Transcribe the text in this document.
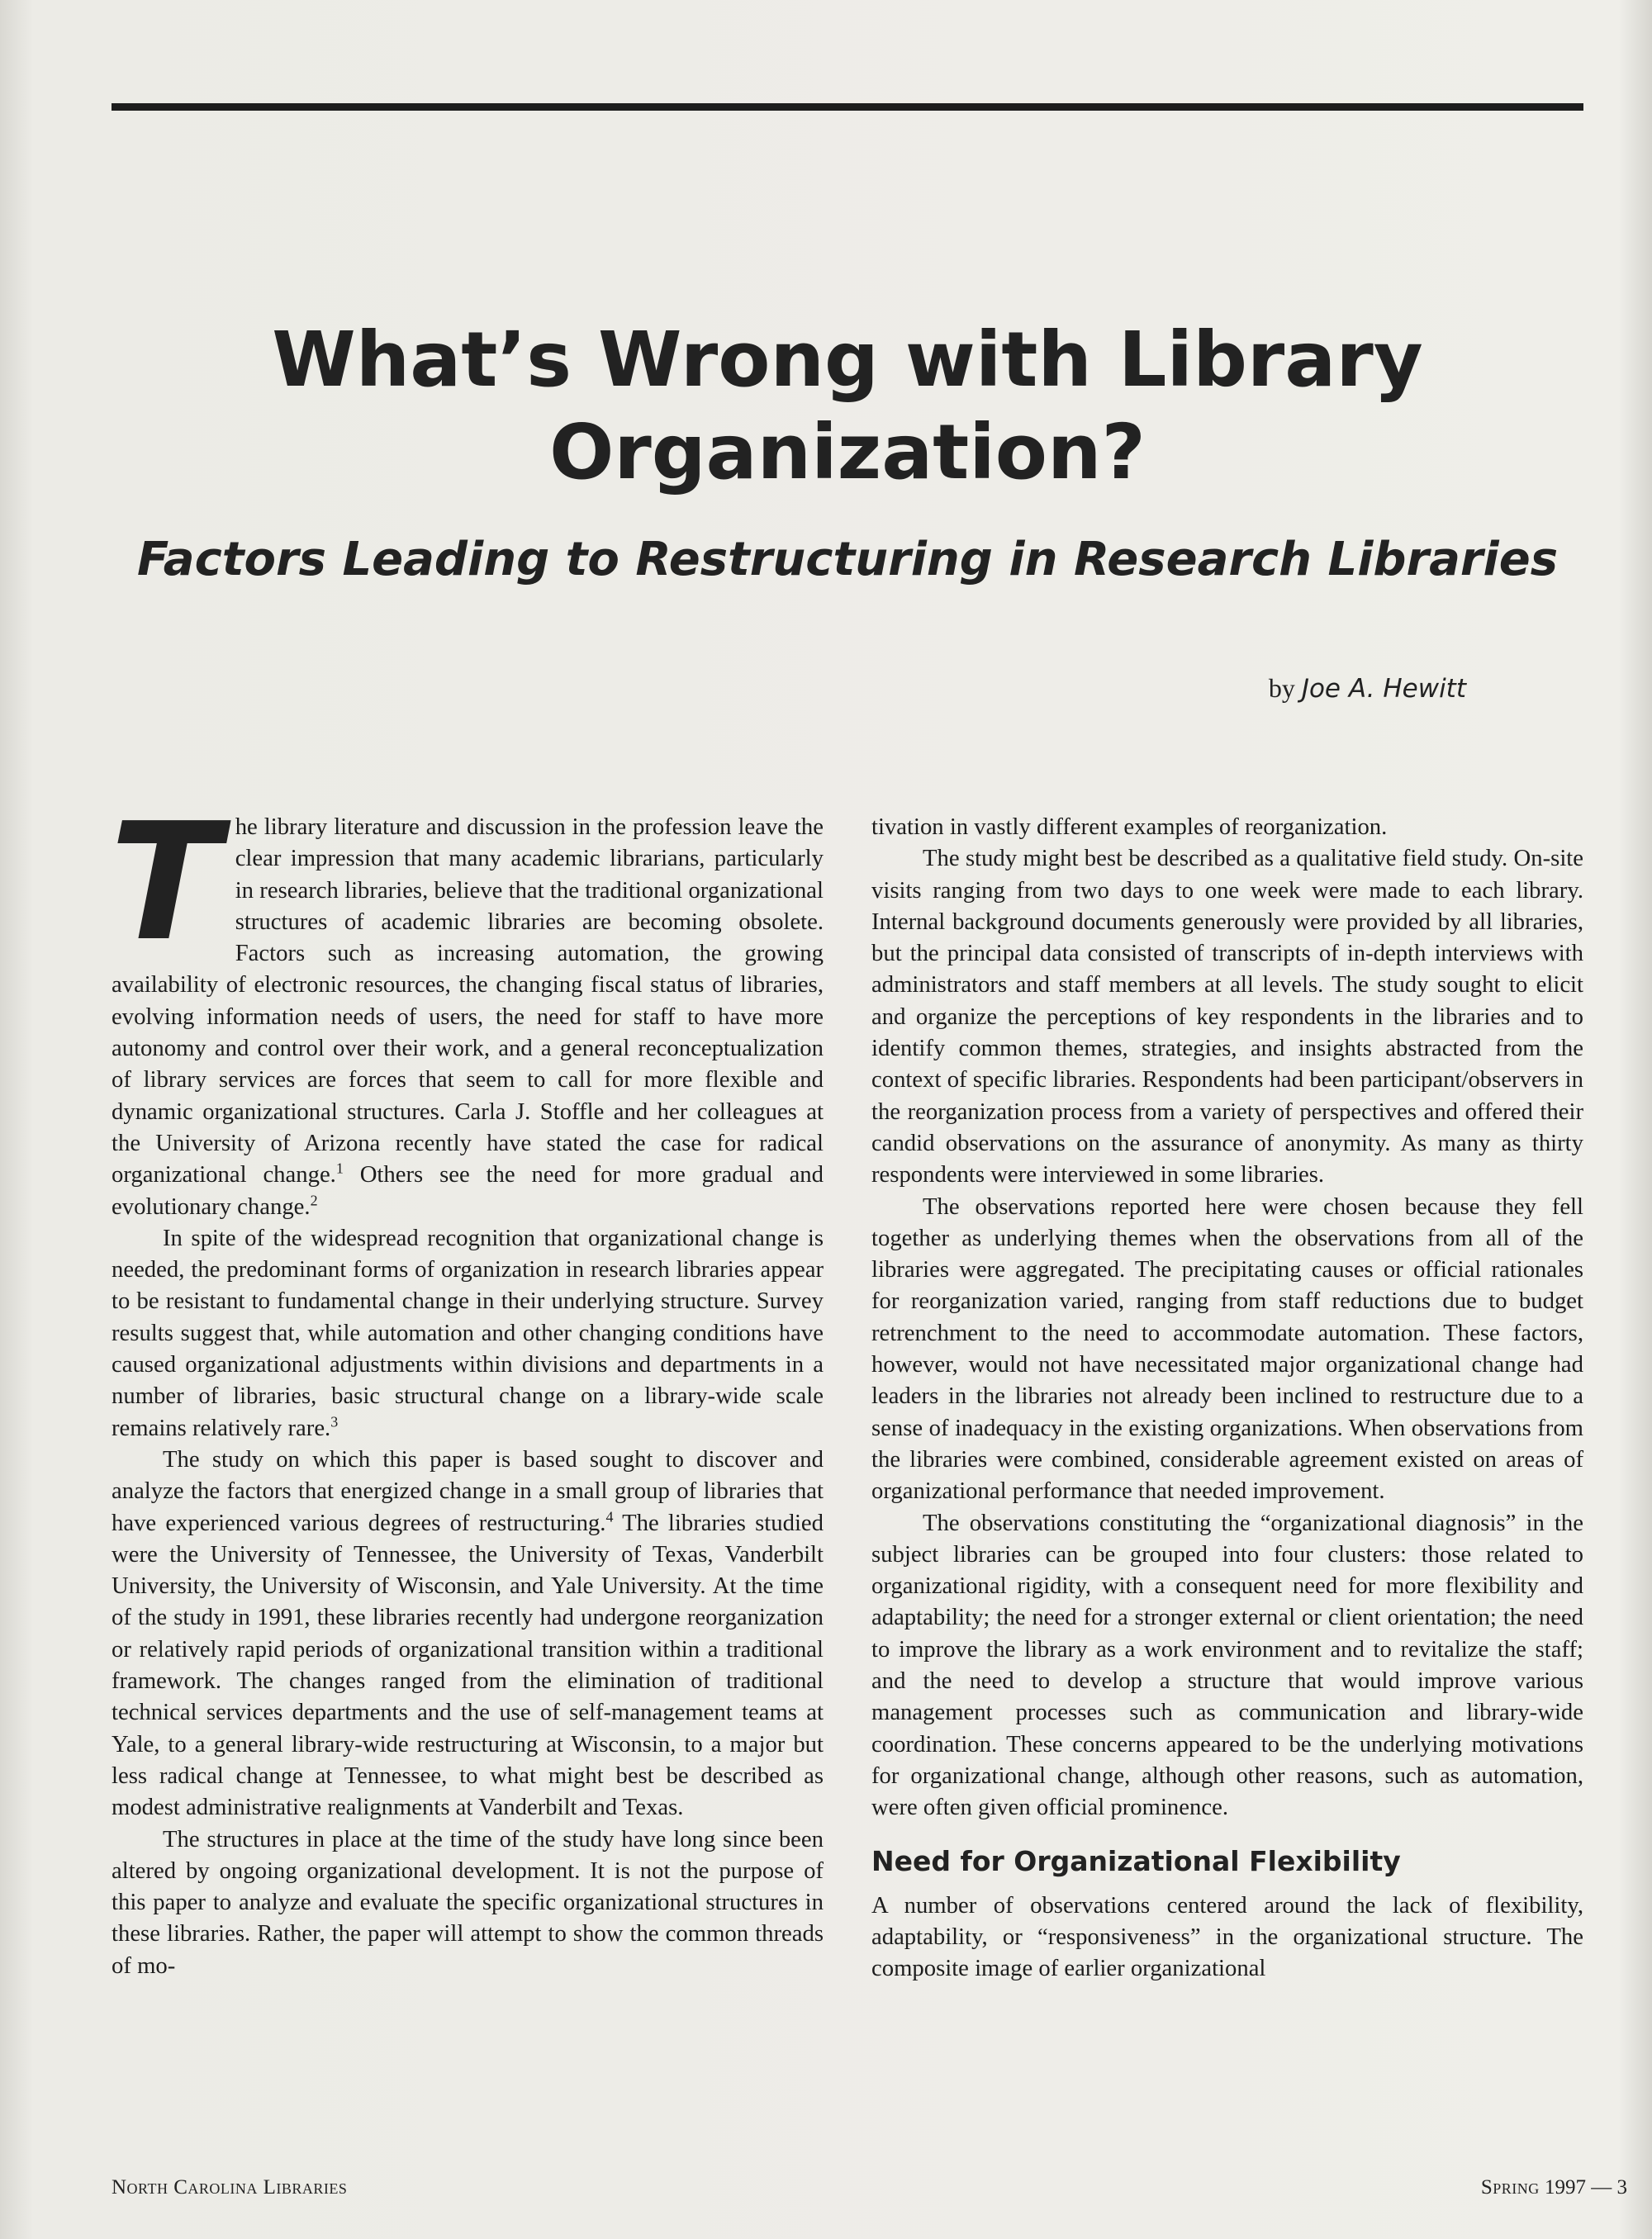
What’s Wrong with Library Organization?
Factors Leading to Restructuring in Research Libraries
by Joe A. Hewitt

The library literature and discussion in the profession leave the clear impression that many academic librarians, particularly in research libraries, believe that the traditional organizational structures of academic libraries are becoming obsolete. Factors such as increasing automation, the growing availability of electronic resources, the changing fiscal status of libraries, evolving information needs of users, the need for staff to have more autonomy and control over their work, and a general reconceptualization of library services are forces that seem to call for more flexible and dynamic organizational structures. Carla J. Stoffle and her colleagues at the University of Arizona recently have stated the case for radical organizational change.$^1$ Others see the need for more gradual and evolutionary change.$^2$

In spite of the widespread recognition that organizational change is needed, the predominant forms of organization in research libraries appear to be resistant to fundamental change in their underlying structure. Survey results suggest that, while automation and other changing conditions have caused organizational adjustments within divisions and departments in a number of libraries, basic structural change on a library-wide scale remains relatively rare.$^3$

The study on which this paper is based sought to discover and analyze the factors that energized change in a small group of libraries that have experienced various degrees of restructuring.$^4$ The libraries studied were the University of Tennessee, the University of Texas, Vanderbilt University, the University of Wisconsin, and Yale University. At the time of the study in 1991, these libraries recently had undergone reorganization or relatively rapid periods of organizational transition within a traditional framework. The changes ranged from the elimination of traditional technical services departments and the use of self-management teams at Yale, to a general library-wide restructuring at Wisconsin, to a major but less radical change at Tennessee, to what might best be described as modest administrative realignments at Vanderbilt and Texas.

The structures in place at the time of the study have long since been altered by ongoing organizational development. It is not the purpose of this paper to analyze and evaluate the specific organizational structures in these libraries. Rather, the paper will attempt to show the common threads of mo-

tivation in vastly different examples of reorganization.

The study might best be described as a qualitative field study. On-site visits ranging from two days to one week were made to each library. Internal background documents generously were provided by all libraries, but the principal data consisted of transcripts of in-depth interviews with administrators and staff members at all levels. The study sought to elicit and organize the perceptions of key respondents in the libraries and to identify common themes, strategies, and insights abstracted from the context of specific libraries. Respondents had been participant/observers in the reorganization process from a variety of perspectives and offered their candid observations on the assurance of anonymity. As many as thirty respondents were interviewed in some libraries.

The observations reported here were chosen because they fell together as underlying themes when the observations from all of the libraries were aggregated. The precipitating causes or official rationales for reorganization varied, ranging from staff reductions due to budget retrenchment to the need to accommodate automation. These factors, however, would not have necessitated major organizational change had leaders in the libraries not already been inclined to restructure due to a sense of inadequacy in the existing organizations. When observations from the libraries were combined, considerable agreement existed on areas of organizational performance that needed improvement.

The observations constituting the “organizational diagnosis” in the subject libraries can be grouped into four clusters: those related to organizational rigidity, with a consequent need for more flexibility and adaptability; the need for a stronger external or client orientation; the need to improve the library as a work environment and to revitalize the staff; and the need to develop a structure that would improve various management processes such as communication and library-wide coordination. These concerns appeared to be the underlying motivations for organizational change, although other reasons, such as automation, were often given official prominence.

Need for Organizational Flexibility

A number of observations centered around the lack of flexibility, adaptability, or “responsiveness” in the organizational structure. The composite image of earlier organizational

North Carolina Libraries	Spring 1997 — 3
